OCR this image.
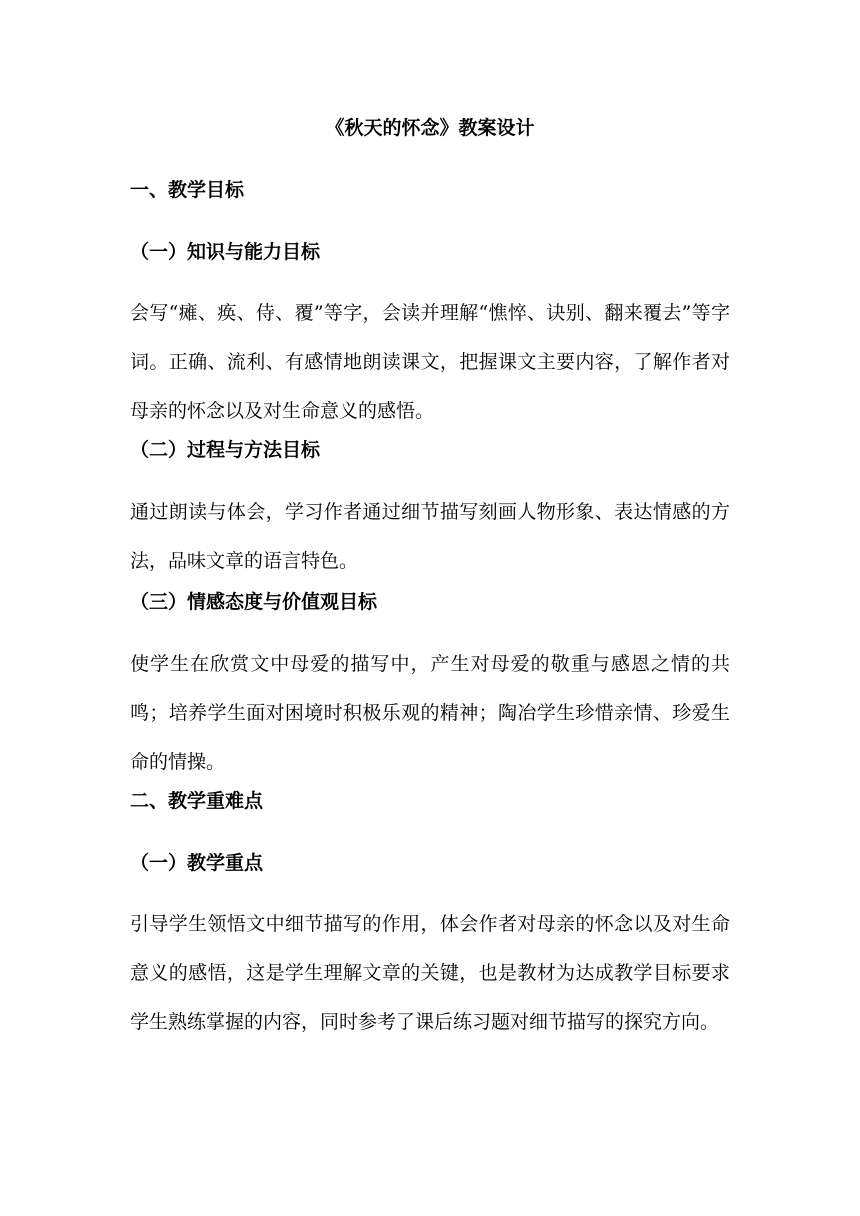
《秋天的怀念》教案设计
一、教学目标
（一）知识与能力目标
会写“瘫、痪、侍、覆”等字，会读并理解“憔悴、诀别、翻来覆去”等字词。正确、流利、有感情地朗读课文，把握课文主要内容，了解作者对母亲的怀念以及对生命意义的感悟。
（二）过程与方法目标
通过朗读与体会，学习作者通过细节描写刻画人物形象、表达情感的方法，品味文章的语言特色。
（三）情感态度与价值观目标
使学生在欣赏文中母爱的描写中，产生对母爱的敬重与感恩之情的共鸣；培养学生面对困境时积极乐观的精神；陶冶学生珍惜亲情、珍爱生命的情操。
二、教学重难点
（一）教学重点
引导学生领悟文中细节描写的作用，体会作者对母亲的怀念以及对生命意义的感悟，这是学生理解文章的关键，也是教材为达成教学目标要求学生熟练掌握的内容，同时参考了课后练习题对细节描写的探究方向。
